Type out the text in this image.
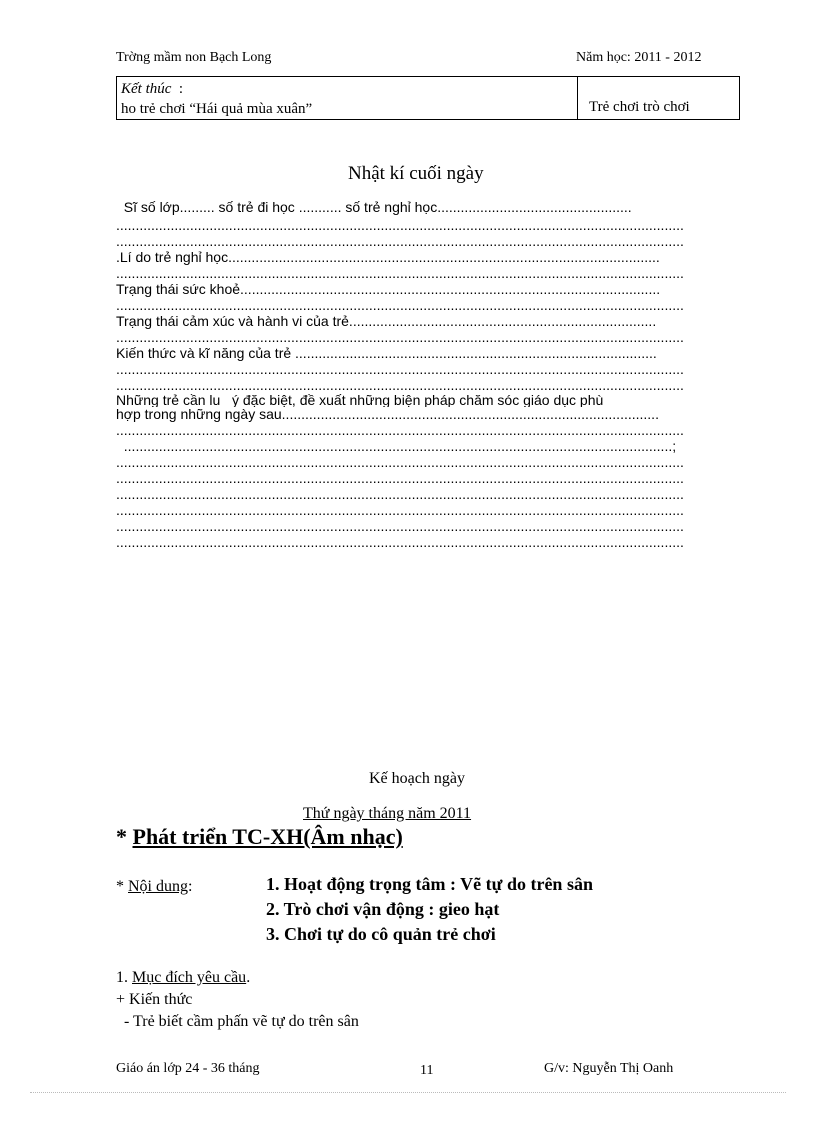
Trờng mầm non Bạch Long	Năm học: 2011 - 2012
Kết thúc :
ho trẻ chơi “Hái quả mùa xuân”	Trẻ chơi trò chơi
Nhật kí cuối ngày
Sĩ số lớp......... số trẻ đi học ........... số trẻ nghỉ học..................................................
..................................................................................................................................................
..................................................................................................................................................
.Lí do trẻ nghỉ học...............................................................................................................
..................................................................................................................................................
Trạng thái sức khoẻ............................................................................................................
..................................................................................................................................................
Trạng thái cảm xúc và hành vi của trẻ...............................................................................
..................................................................................................................................................
Kiến thức và kĩ năng của trẻ .............................................................................................
..................................................................................................................................................
..................................................................................................................................................
Những trẻ cần lu   ý đặc biệt, đề xuất những biện pháp chăm sóc giáo dục phù
hợp trong những ngày sau.................................................................................................
..................................................................................................................................................
.............................................................................................................................................;
..................................................................................................................................................
..................................................................................................................................................
..................................................................................................................................................
..................................................................................................................................................
..................................................................................................................................................
..................................................................................................................................................
Kế hoạch ngày
Thứ ngày tháng năm 2011
* Phát triển TC-XH(Âm nhạc)
* Nội dung:	1. Hoạt động trọng tâm : Vẽ tự do trên sân
2. Trò chơi vận động : gieo hạt
3. Chơi tự do cô quản trẻ chơi
1. Mục đích yêu cầu.
+ Kiến thức
- Trẻ biết cầm phấn vẽ tự do trên sân
Giáo án lớp 24 - 36 tháng	11	G/v: Nguyễn Thị Oanh
